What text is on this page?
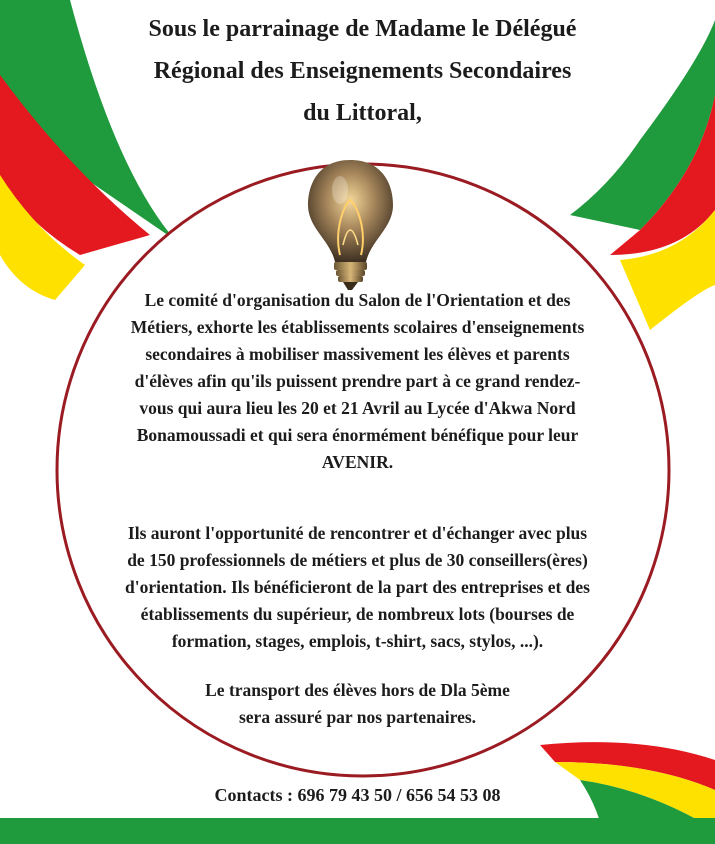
Sous le parrainage de Madame le Délégué
Régional des Enseignements Secondaires
du Littoral,
Le comité d'organisation du Salon de l'Orientation et des
Métiers, exhorte les établissements scolaires d'enseignements
secondaires à mobiliser massivement les élèves et parents
d'élèves afin qu'ils puissent prendre part à ce grand rendez-
vous qui aura lieu les 20 et 21 Avril au Lycée d'Akwa Nord
Bonamoussadi et qui sera énormément bénéfique pour leur
AVENIR.
Ils auront l'opportunité de rencontrer et d'échanger avec plus
de 150 professionnels de métiers et plus de 30 conseillers(ères)
d'orientation. Ils bénéficieront de la part des entreprises et des
établissements du supérieur, de nombreux lots (bourses de
formation, stages, emplois, t-shirt, sacs, stylos, ...).
Le transport des élèves hors de Dla 5ème
sera assuré par nos partenaires.
Contacts : 696 79 43 50 / 656 54 53 08
